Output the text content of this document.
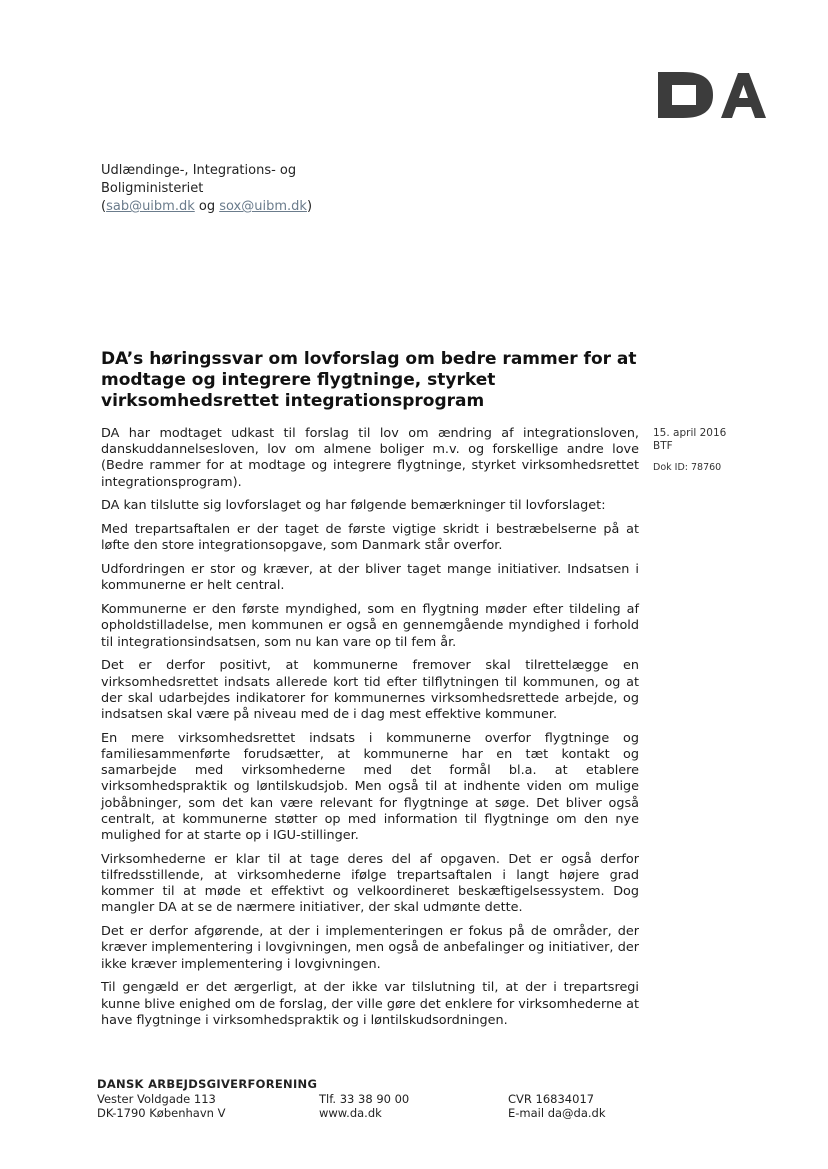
Udlændinge-, Integrations- og
Boligministeriet
(sab@uibm.dk og sox@uibm.dk)
DA’s høringssvar om lovforslag om bedre rammer for at modtage og integrere flygtninge, styrket virksomhedsrettet integrationsprogram
15. april 2016
BTF
Dok ID: 78760

DA har modtaget udkast til forslag til lov om ændring af integrationsloven, danskuddannelsesloven, lov om almene boliger m.v. og forskellige andre love (Bedre rammer for at modtage og integrere flygtninge, styrket virksomhedsrettet integrationsprogram).

DA kan tilslutte sig lovforslaget og har følgende bemærkninger til lovforslaget:

Med trepartsaftalen er der taget de første vigtige skridt i bestræbelserne på at løfte den store integrationsopgave, som Danmark står overfor.

Udfordringen er stor og kræver, at der bliver taget mange initiativer. Indsatsen i kommunerne er helt central.

Kommunerne er den første myndighed, som en flygtning møder efter tildeling af opholdstilladelse, men kommunen er også en gennemgående myndighed i forhold til integrationsindsatsen, som nu kan vare op til fem år.

Det er derfor positivt, at kommunerne fremover skal tilrettelægge en virksomhedsrettet indsats allerede kort tid efter tilflytningen til kommunen, og at der skal udarbejdes indikatorer for kommunernes virksomhedsrettede arbejde, og indsatsen skal være på niveau med de i dag mest effektive kommuner.

En mere virksomhedsrettet indsats i kommunerne overfor flygtninge og familiesammenførte forudsætter, at kommunerne har en tæt kontakt og samarbejde med virksomhederne med det formål bl.a. at etablere virksomhedspraktik og løntilskudsjob. Men også til at indhente viden om mulige jobåbninger, som det kan være relevant for flygtninge at søge. Det bliver også centralt, at kommunerne støtter op med information til flygtninge om den nye mulighed for at starte op i IGU-stillinger.

Virksomhederne er klar til at tage deres del af opgaven. Det er også derfor tilfredsstillende, at virksomhederne ifølge trepartsaftalen i langt højere grad kommer til at møde et effektivt og velkoordineret beskæftigelsessystem. Dog mangler DA at se de nærmere initiativer, der skal udmønte dette.

Det er derfor afgørende, at der i implementeringen er fokus på de områder, der kræver implementering i lovgivningen, men også de anbefalinger og initiativer, der ikke kræver implementering i lovgivningen.

Til gengæld er det ærgerligt, at der ikke var tilslutning til, at der i trepartsregi kunne blive enighed om de forslag, der ville gøre det enklere for virksomhederne at have flygtninge i virksomhedspraktik og i løntilskudsordningen.

DANSK ARBEJDSGIVERFORENING
Vester Voldgade 113
DK-1790 København V
Tlf. 33 38 90 00
www.da.dk
CVR 16834017
E-mail da@da.dk
